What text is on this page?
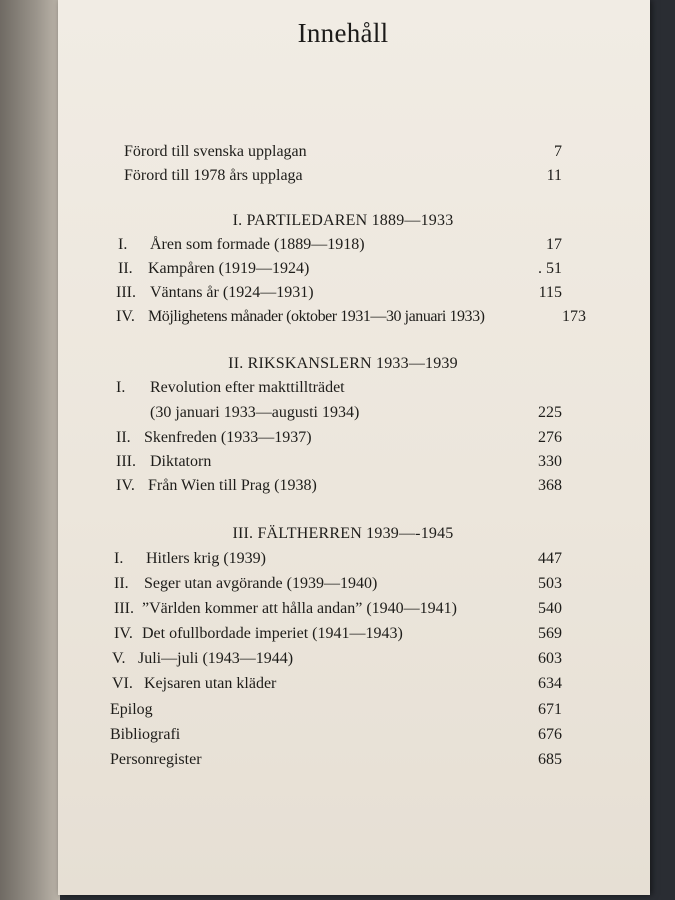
Innehåll
Förord till svenska upplagan	7
Förord till 1978 års upplaga	11
I. PARTILEDAREN 1889—1933
I. Åren som formade (1889—1918)	17
II. Kampåren (1919—1924)	. 51
III. Väntans år (1924—1931)	115
IV. Möjlighetens månader (oktober 1931—30 januari 1933)	173
II. RIKSKANSLERN 1933—1939
I. Revolution efter makttillträdet
(30 januari 1933—augusti 1934)	225
II. Skenfreden (1933—1937)	276
III. Diktatorn	330
IV. Från Wien till Prag (1938)	368
III. FÄLTHERREN 1939—-1945
I. Hitlers krig (1939)	447
II. Seger utan avgörande (1939—1940)	503
III. ”Världen kommer att hålla andan” (1940—1941)	540
IV. Det ofullbordade imperiet (1941—1943)	569
V. Juli—juli (1943—1944)	603
VI. Kejsaren utan kläder	634
Epilog	671
Bibliografi	676
Personregister	685
